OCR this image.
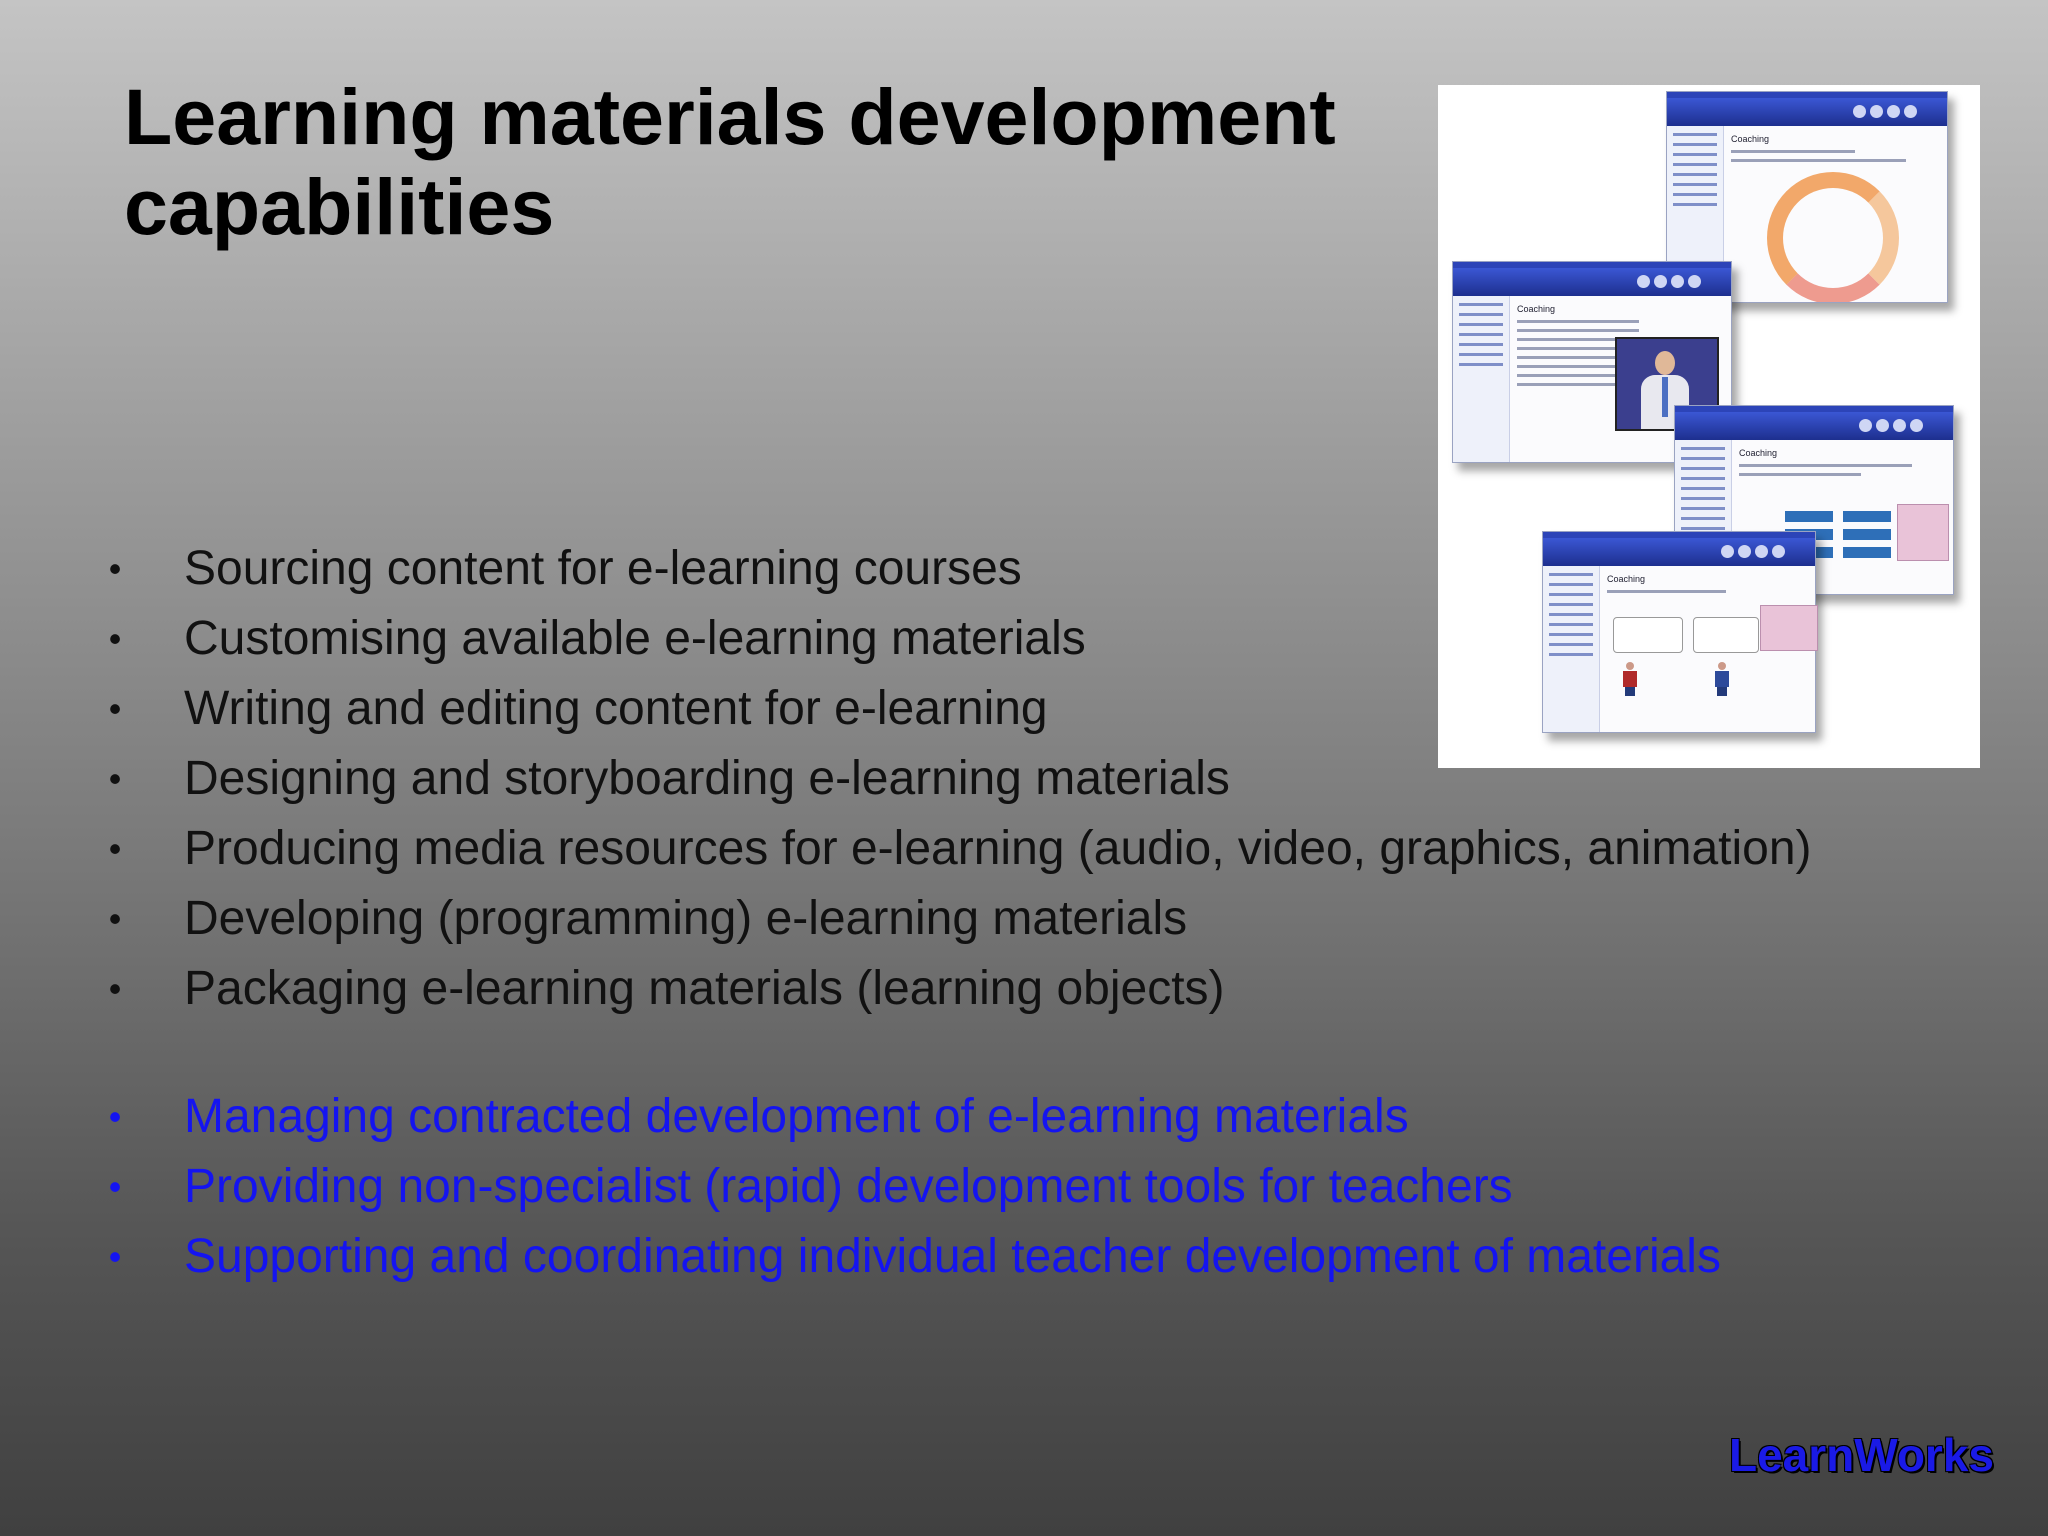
Learning materials development capabilities
Coaching
Coaching
Coaching
Coaching
• Sourcing content for e-learning courses
• Customising available e-learning materials
• Writing and editing content for e-learning
• Designing and storyboarding e-learning materials
• Producing media resources for e-learning (audio, video, graphics, animation)
• Developing (programming) e-learning materials
• Packaging e-learning materials (learning objects)
• Managing contracted development of e-learning materials
• Providing non-specialist (rapid) development tools for teachers
• Supporting and coordinating individual teacher development of materials
LearnWorks
